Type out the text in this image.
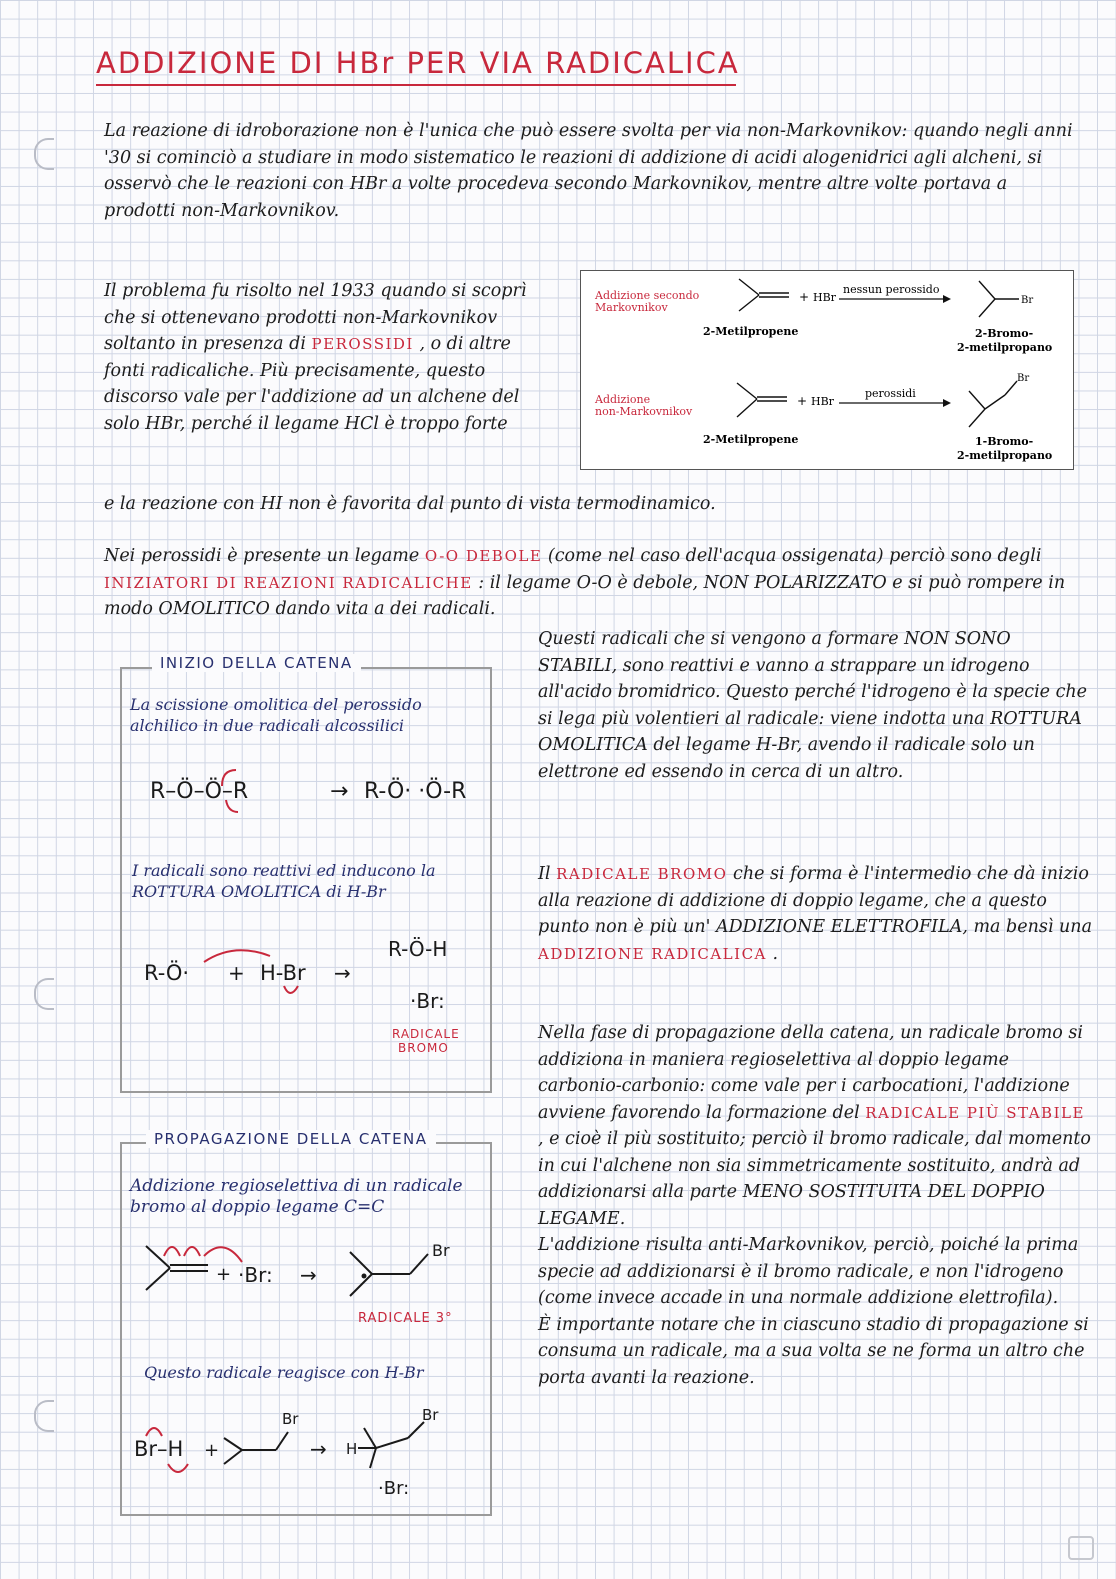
ADDIZIONE DI HBr PER VIA RADICALICA

La reazione di idroborazione non è l'unica che può essere svolta per via non-Markovnikov: quando negli anni '30 si cominciò a studiare in modo sistematico le reazioni di addizione di acidi alogenidrici agli alcheni, si osservò che le reazioni con HBr a volte procedeva secondo Markovnikov, mentre altre volte portava a prodotti non-Markovnikov.

Il problema fu risolto nel 1933 quando si scoprì che si ottenevano prodotti non-Markovnikov soltanto in presenza di PEROSSIDI , o di altre fonti radicaliche. Più precisamente, questo discorso vale per l'addizione ad un alchene del solo HBr, perché il legame HCl è troppo forte

e la reazione con HI non è favorita dal punto di vista termodinamico.

Addizione secondo
Markovnikov
+ HBr
nessun perossido
Br
2-Metilpropene	2-Bromo-
2-metilpropano
Addizione
non-Markovnikov
+ HBr
perossidi
Br
2-Metilpropene	1-Bromo-
2-metilpropano

Nei perossidi è presente un legame O-O DEBOLE (come nel caso dell'acqua ossigenata) perciò sono degli INIZIATORI DI REAZIONI RADICALICHE : il legame O-O è debole, NON POLARIZZATO e si può rompere in modo OMOLITICO dando vita a dei radicali.

Questi radicali che si vengono a formare NON SONO STABILI, sono reattivi e vanno a strappare un idrogeno all'acido bromidrico. Questo perché l'idrogeno è la specie che si lega più volentieri al radicale: viene indotta una ROTTURA OMOLITICA del legame H-Br, avendo il radicale solo un elettrone ed essendo in cerca di un altro.

Il RADICALE BROMO che si forma è l'intermedio che dà inizio alla reazione di addizione di doppio legame, che a questo punto non è più un' ADDIZIONE ELETTROFILA, ma bensì una ADDIZIONE RADICALICA .

Nella fase di propagazione della catena, un radicale bromo si addiziona in maniera regioselettiva al doppio legame carbonio-carbonio: come vale per i carbocationi, l'addizione avviene favorendo la formazione del RADICALE PIÙ STABILE , e cioè il più sostituito; perciò il bromo radicale, dal momento in cui l'alchene non sia simmetricamente sostituito, andrà ad addizionarsi alla parte MENO SOSTITUITA DEL DOPPIO LEGAME.
L'addizione risulta anti-Markovnikov, perciò, poiché la prima specie ad addizionarsi è il bromo radicale, e non l'idrogeno (come invece accade in una normale addizione elettrofila).
È importante notare che in ciascuno stadio di propagazione si consuma un radicale, ma a sua volta se ne forma un altro che porta avanti la reazione.
INIZIO DELLA CATENA

La scissione omolitica del perossido alchilico in due radicali alcossilici

R–Ö–Ö–R	→ R-Ö· ·Ö-R

I radicali sono reattivi ed inducono la ROTTURA OMOLITICA di H-Br

R-Ö· + H-Br →
R-Ö-H
·Br:
RADICALE
BROMO
PROPAGAZIONE DELLA CATENA

Addizione regioselettiva di un radicale bromo al doppio legame C=C

+ ·Br: →
Br
RADICALE 3°

Questo radicale reagisce con H-Br

Br–H +
Br
→ H
Br
·Br:
